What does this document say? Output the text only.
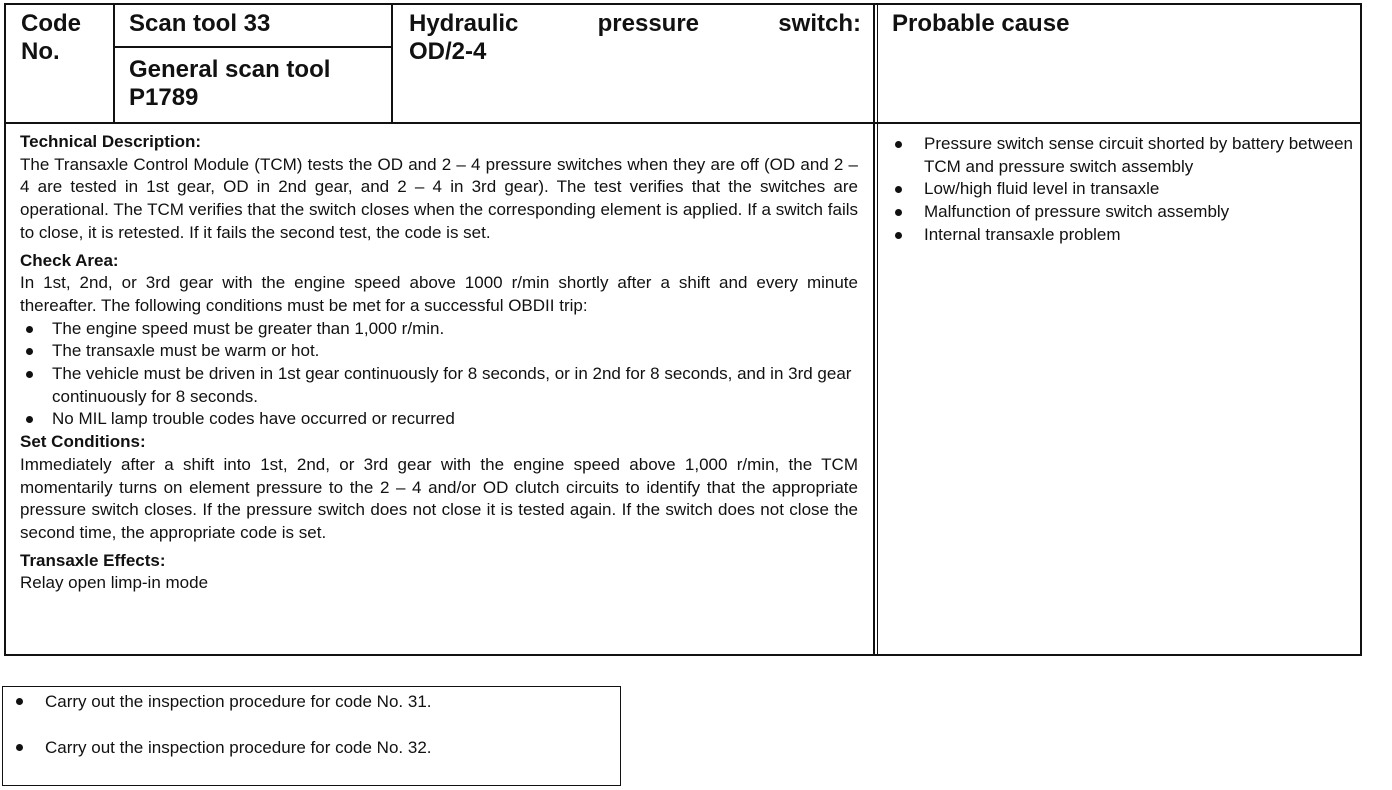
Code No.
Scan tool 33
General scan tool P1789
Hydraulic	pressure	switch:
OD/2-4
Probable cause

Technical Description:

The Transaxle Control Module (TCM) tests the OD and 2 – 4 pressure switches when they are off (OD and 2 – 4 are tested in 1st gear, OD in 2nd gear, and 2 – 4 in 3rd gear). The test verifies that the switches are operational. The TCM verifies that the switch closes when the corresponding element is applied. If a switch fails to close, it is retested. If it fails the second test, the code is set.

Check Area:

In 1st, 2nd, or 3rd gear with the engine speed above 1000 r/min shortly after a shift and every minute thereafter. The following conditions must be met for a successful OBDII trip:

The engine speed must be greater than 1,000 r/min.
The transaxle must be warm or hot.
The vehicle must be driven in 1st gear continuously for 8 seconds, or in 2nd for 8 seconds, and in 3rd gear continuously for 8 seconds.
No MIL lamp trouble codes have occurred or recurred

Set Conditions:

Immediately after a shift into 1st, 2nd, or 3rd gear with the engine speed above 1,000 r/min, the TCM momentarily turns on element pressure to the 2 – 4 and/or OD clutch circuits to identify that the appropriate pressure switch closes. If the pressure switch does not close it is tested again. If the switch does not close the second time, the appropriate code is set.

Transaxle Effects:

Relay open limp-in mode

Pressure switch sense circuit shorted by battery between TCM and pressure switch assembly
Low/high fluid level in transaxle
Malfunction of pressure switch assembly
Internal transaxle problem
Carry out the inspection procedure for code No. 31.
Carry out the inspection procedure for code No. 32.
